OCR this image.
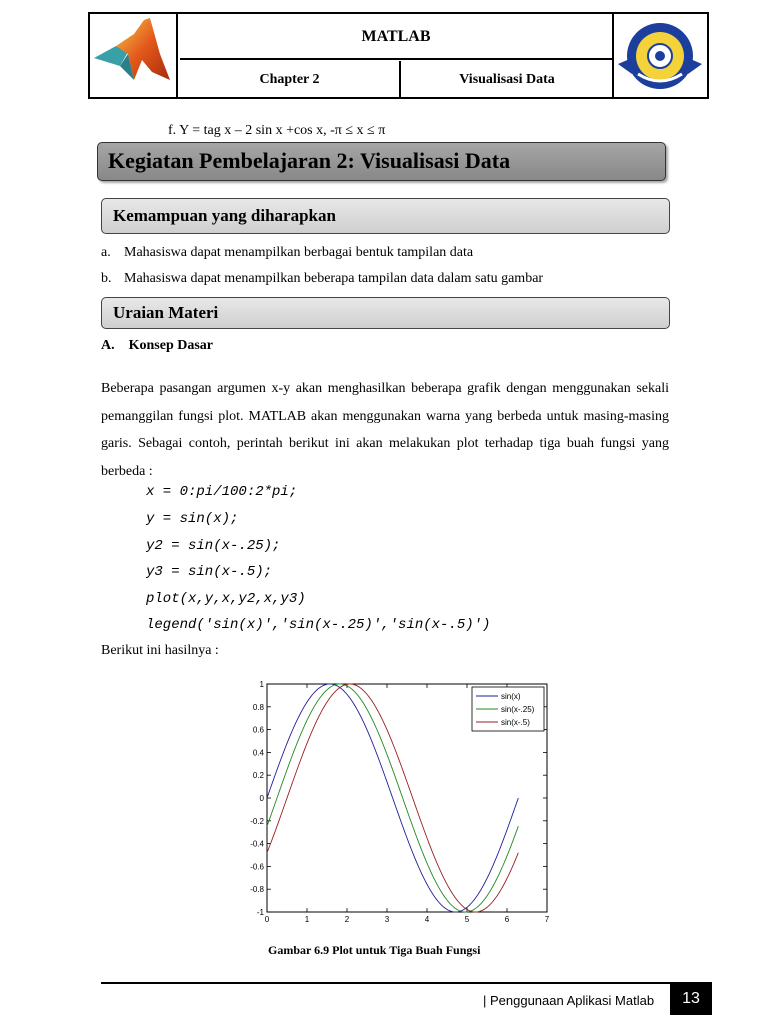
MATLAB
Chapter 2	Visualisasi Data
f. Y = tag x – 2 sin x +cos x, -π ≤ x ≤ π
Kegiatan Pembelajaran 2: Visualisasi Data
Kemampuan yang diharapkan
a. Mahasiswa dapat menampilkan berbagai bentuk tampilan data
b. Mahasiswa dapat menampilkan beberapa tampilan data dalam satu gambar
Uraian Materi
A.    Konsep Dasar
Beberapa pasangan argumen x-y akan menghasilkan beberapa grafik dengan menggunakan sekali pemanggilan fungsi plot. MATLAB akan menggunakan warna yang berbeda untuk masing-masing garis. Sebagai contoh, perintah berikut ini akan melakukan plot terhadap tiga buah fungsi yang berbeda :
x = 0:pi/100:2*pi;
y = sin(x);
y2 = sin(x-.25);
y3 = sin(x-.5);
plot(x,y,x,y2,x,y3)
legend('sin(x)','sin(x-.25)','sin(x-.5)')
Berikut ini hasilnya :
0	1	2	3	4	5	6	7
-1
-0.8
-0.6
-0.4
-0.2
0
0.2
0.4
0.6
0.8
1
sin(x)
sin(x-.25)
sin(x-.5)
Gambar 6.9 Plot untuk Tiga Buah Fungsi
| Penggunaan Aplikasi Matlab	13
